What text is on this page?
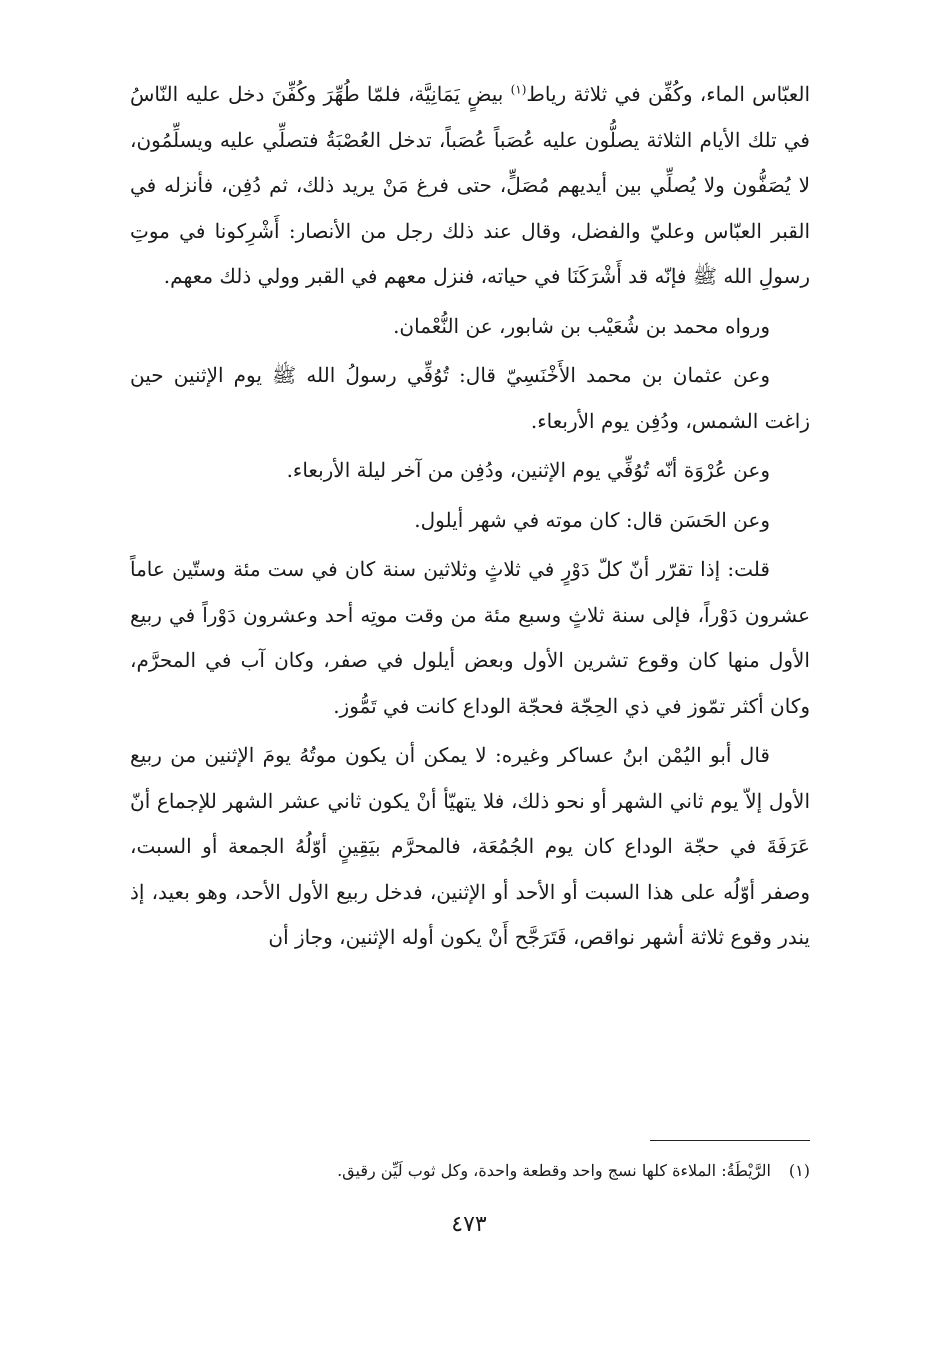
العبّاس الماء، وكُفِّن في ثلاثة رياط$^{(١)}$ بيضٍ يَمَانِيَّة، فلمّا طُهِّرَ وكُفِّنَ دخل عليه النّاسُ في تلك الأيام الثلاثة يصلُّون عليه عُصَباً عُصَباً، تدخل العُصْبَةُ فتصلِّي عليه ويسلِّمُون، لا يُصَفُّون ولا يُصلِّي بين أيديهم مُصَلٍّ، حتى فرغ مَنْ يريد ذلك، ثم دُفِن، فأنزله في القبر العبّاس وعليّ والفضل، وقال عند ذلك رجل من الأنصار: أَشْرِكونا في موتِ رسولِ الله ﷺ فإنّه قد أَشْرَكَنَا في حياته، فنزل معهم في القبر وولي ذلك معهم.

ورواه محمد بن شُعَيْب بن شابور، عن النُّعْمان.

وعن عثمان بن محمد الأَخْنَسِيّ قال: تُوُفِّي رسولُ الله ﷺ يوم الإثنين حين زاغت الشمس، ودُفِن يوم الأربعاء.

وعن عُرْوَة أنّه تُوُفِّي يوم الإثنين، ودُفِن من آخر ليلة الأربعاء.

وعن الحَسَن قال: كان موته في شهر أيلول.

قلت: إذا تقرّر أنّ كلّ دَوْرٍ في ثلاثٍ وثلاثين سنة كان في ست مئة وستّين عاماً عشرون دَوْراً، فإلى سنة ثلاثٍ وسبع مئة من وقت موتِه أحد وعشرون دَوْراً في ربيع الأول منها كان وقوع تشرين الأول وبعض أيلول في صفر، وكان آب في المحرَّم، وكان أكثر تمّوز في ذي الحِجّة فحجّة الوداع كانت في تَمُّوز.

قال أبو اليُمْن ابنُ عساكر وغيره: لا يمكن أن يكون موتُهُ يومَ الإثنين من ربيع الأول إلاّ يوم ثاني الشهر أو نحو ذلك، فلا يتهيّأ أنْ يكون ثاني عشر الشهر للإجماع أنّ عَرَفَةَ في حجّة الوداع كان يوم الجُمُعَة، فالمحرَّم بيَقِينٍ أوّلُهُ الجمعة أو السبت، وصفر أوّلُه على هذا السبت أو الأحد أو الإثنين، فدخل ربيع الأول الأحد، وهو بعيد، إذ يندر وقوع ثلاثة أشهر نواقص، فَتَرَجَّح أَنْ يكون أوله الإثنين، وجاز أن

(١)الرَّيْطَةُ: الملاءة كلها نسج واحد وقطعة واحدة، وكل ثوب لَيِّن رقيق.

٤٧٣
